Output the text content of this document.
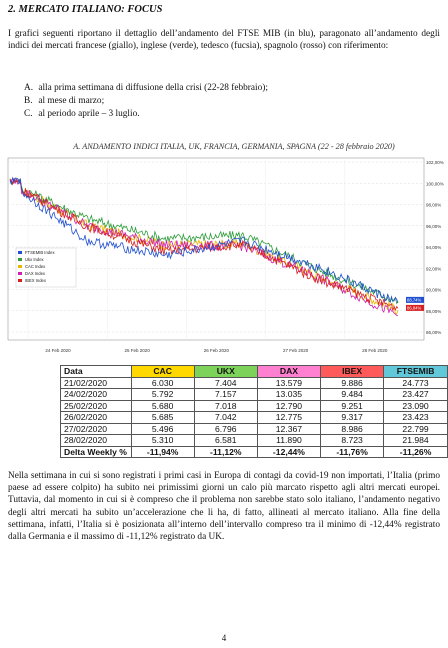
2. MERCATO ITALIANO: FOCUS
I grafici seguenti riportano il dettaglio dell’andamento del FTSE MIB (in blu), paragonato all’andamento degli indici dei mercati francese (giallo), inglese (verde), tedesco (fucsia), spagnolo (rosso) con riferimento:
A. alla prima settimana di diffusione della crisi (22-28 febbraio);
B. al mese di marzo;
C. al periodo aprile – 3 luglio.
A. ANDAMENTO INDICI ITALIA, UK, FRANCIA, GERMANIA, SPAGNA (22 - 28 febbraio 2020)
102,00%
100,00%
98,00%
96,00%
94,00%
92,00%
90,00%
88,00%
86,00%
24 Feb 2020	25 Feb 2020	26 Feb 2020	27 Feb 2020	28 Feb 2020
88,74%
86,84%
FTSEMIB Index
Ukx Index
CAC Index
DAX Index
IBEX Index
Data	CAC	UKX	DAX	IBEX	FTSEMIB
21/02/2020	6.030	7.404	13.579	9.886	24.773
24/02/2020	5.792	7.157	13.035	9.484	23.427
25/02/2020	5.680	7.018	12.790	9.251	23.090
26/02/2020	5.685	7.042	12.775	9.317	23.423
27/02/2020	5.496	6.796	12.367	8.986	22.799
28/02/2020	5.310	6.581	11.890	8.723	21.984
Delta Weekly %	-11,94%	-11,12%	-12,44%	-11,76%	-11,26%
Nella settimana in cui si sono registrati i primi casi in Europa di contagi da covid-19 non importati, l’Italia (primo paese ad essere colpito) ha subito nei primissimi giorni un calo più marcato rispetto agli altri mercati europei. Tuttavia, dal momento in cui si è compreso che il problema non sarebbe stato solo italiano, l’andamento negativo degli altri mercati ha subito un’accelerazione che li ha, di fatto, allineati al mercato italiano. Alla fine della settimana, infatti, l’Italia si è posizionata all’interno dell’intervallo compreso tra il minimo di -12,44% registrato dalla Germania e il massimo di -11,12% registrato da UK.
4
